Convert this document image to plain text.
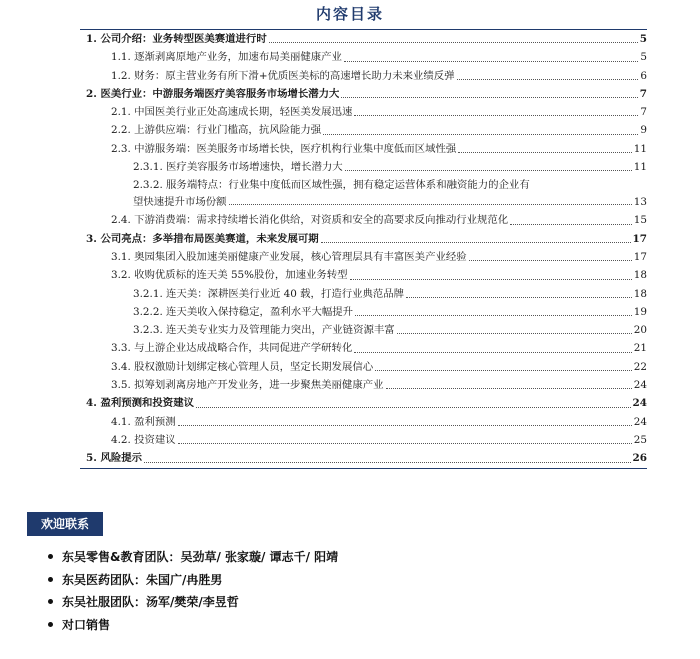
内容目录
1. 公司介绍：业务转型医美赛道进行时	5
1.1. 逐渐剥离原地产业务，加速布局美丽健康产业	5
1.2. 财务：原主营业务有所下滑+优质医美标的高速增长助力未来业绩反弹	6
2. 医美行业：中游服务端医疗美容服务市场增长潜力大	7
2.1. 中国医美行业正处高速成长期，轻医美发展迅速	7
2.2. 上游供应端：行业门槛高，抗风险能力强	9
2.3. 中游服务端：医美服务市场增长快，医疗机构行业集中度低而区域性强	11
2.3.1. 医疗美容服务市场增速快，增长潜力大	11
2.3.2. 服务端特点：行业集中度低而区域性强，拥有稳定运营体系和融资能力的企业有
望快速提升市场份额	13
2.4. 下游消费端：需求持续增长消化供给，对资质和安全的高要求反向推动行业规范化	15
3. 公司亮点：多举措布局医美赛道，未来发展可期	17
3.1. 奥园集团入股加速美丽健康产业发展，核心管理层具有丰富医美产业经验	17
3.2. 收购优质标的连天美 55%股份，加速业务转型	18
3.2.1. 连天美：深耕医美行业近 40 载，打造行业典范品牌	18
3.2.2. 连天美收入保持稳定，盈利水平大幅提升	19
3.2.3. 连天美专业实力及管理能力突出，产业链资源丰富	20
3.3. 与上游企业达成战略合作，共同促进产学研转化	21
3.4. 股权激励计划绑定核心管理人员，坚定长期发展信心	22
3.5. 拟筹划剥离房地产开发业务，进一步聚焦美丽健康产业	24
4. 盈利预测和投资建议	24
4.1. 盈利预测	24
4.2. 投资建议	25
5. 风险提示	26
欢迎联系
东吴零售&教育团队：吴劲草/ 张家璇/ 谭志千/ 阳靖
东吴医药团队：朱国广/冉胜男
东吴社服团队：汤军/樊荣/李昱哲
对口销售
